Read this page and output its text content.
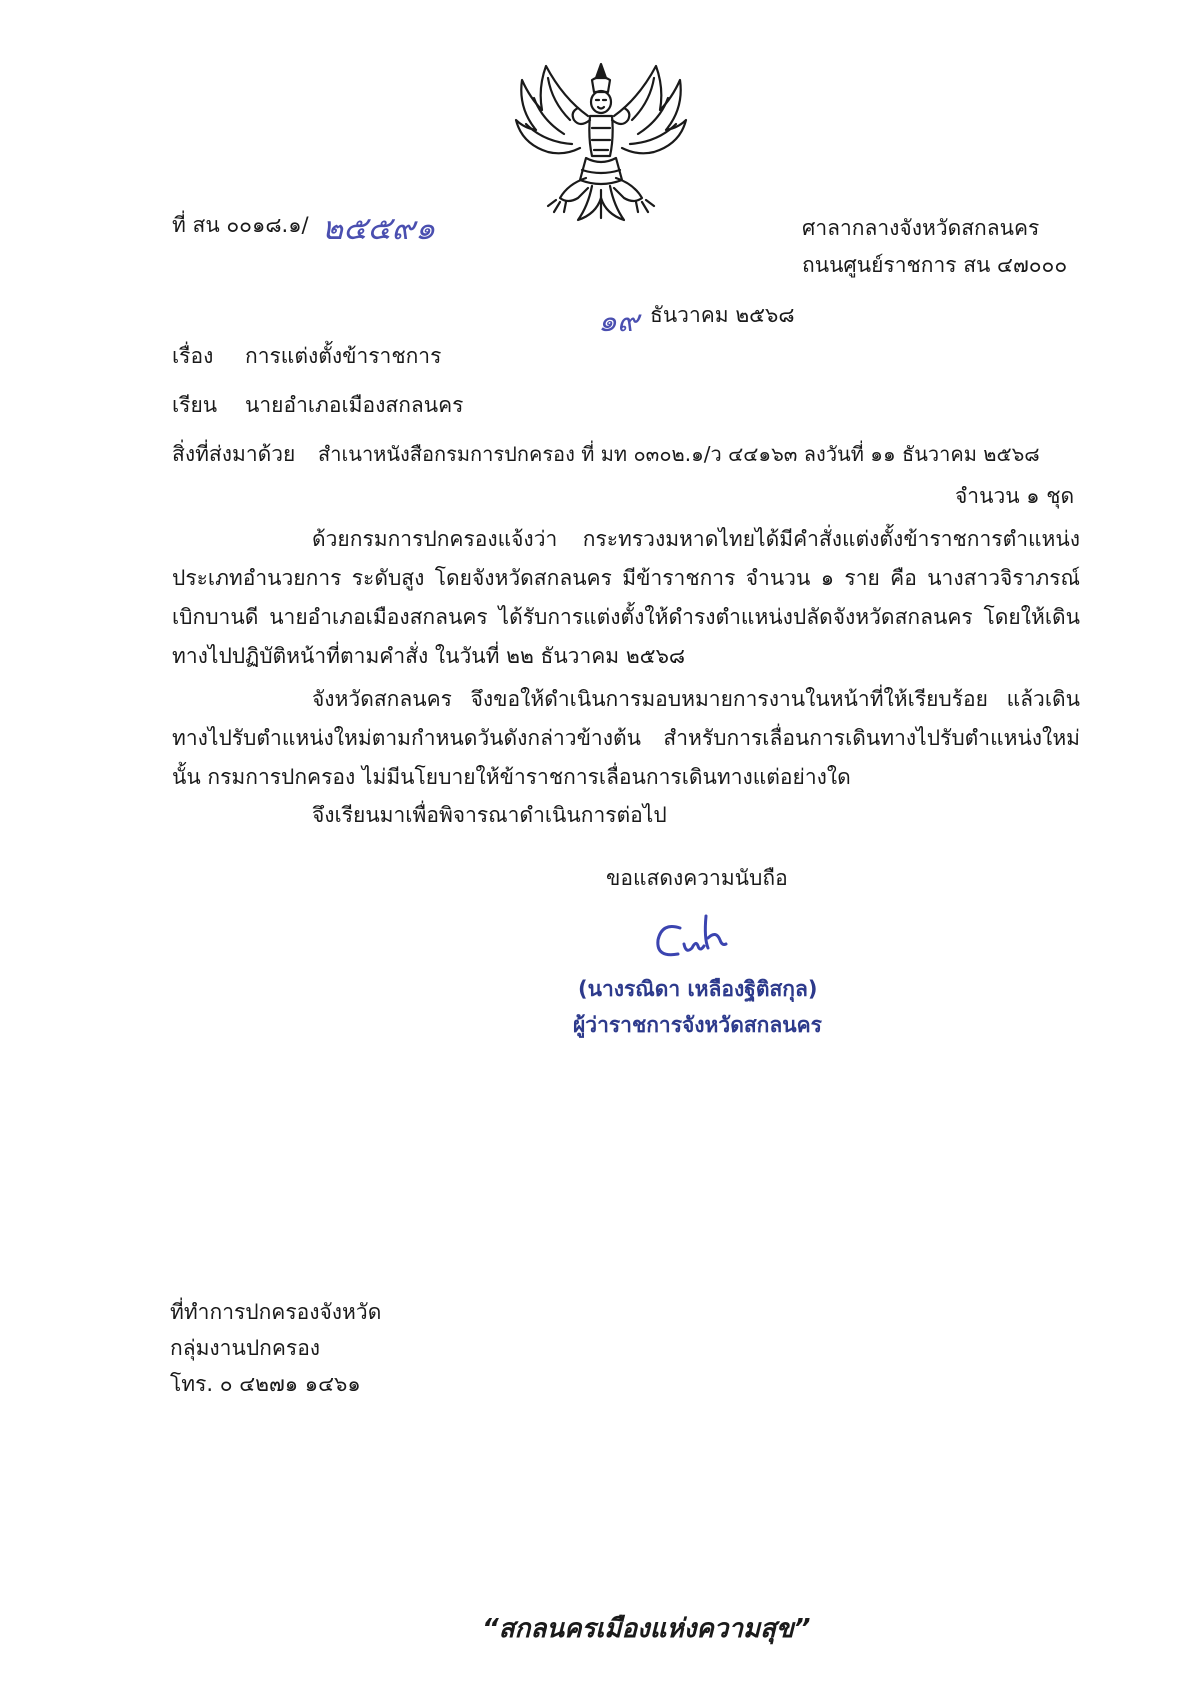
ที่ สน ๐๐๑๘.๑/ ๒๕๕๙๑	ศาลากลางจังหวัดสกลนคร
ถนนศูนย์ราชการ สน ๔๗๐๐๐
๑๙ ธันวาคม ๒๕๖๘
เรื่อง การแต่งตั้งข้าราชการ
เรียน นายอำเภอเมืองสกลนคร
สิ่งที่ส่งมาด้วย สำเนาหนังสือกรมการปกครอง ที่ มท ๐๓๐๒.๑/ว ๔๔๑๖๓ ลงวันที่ ๑๑ ธันวาคม ๒๕๖๘
จำนวน ๑ ชุด
ด้วยกรมการปกครองแจ้งว่า กระทรวงมหาดไทยได้มีคำสั่งแต่งตั้งข้าราชการตำแหน่งประเภทอำนวยการ ระดับสูง โดยจังหวัดสกลนคร มีข้าราชการ จำนวน ๑ ราย คือ นางสาวจิราภรณ์ เบิกบานดี นายอำเภอเมืองสกลนคร ได้รับการแต่งตั้งให้ดำรงตำแหน่งปลัดจังหวัดสกลนคร โดยให้เดินทางไปปฏิบัติหน้าที่ตามคำสั่ง ในวันที่ ๒๒ ธันวาคม ๒๕๖๘
จังหวัดสกลนคร จึงขอให้ดำเนินการมอบหมายการงานในหน้าที่ให้เรียบร้อย แล้วเดินทางไปรับตำแหน่งใหม่ตามกำหนดวันดังกล่าวข้างต้น สำหรับการเลื่อนการเดินทางไปรับตำแหน่งใหม่นั้น กรมการปกครอง ไม่มีนโยบายให้ข้าราชการเลื่อนการเดินทางแต่อย่างใด
จึงเรียนมาเพื่อพิจารณาดำเนินการต่อไป
ขอแสดงความนับถือ
(นางรณิดา เหลืองฐิติสกุล)
ผู้ว่าราชการจังหวัดสกลนคร
ที่ทำการปกครองจังหวัด
กลุ่มงานปกครอง
โทร. ๐ ๔๒๗๑ ๑๔๖๑
“สกลนครเมืองแห่งความสุข”
